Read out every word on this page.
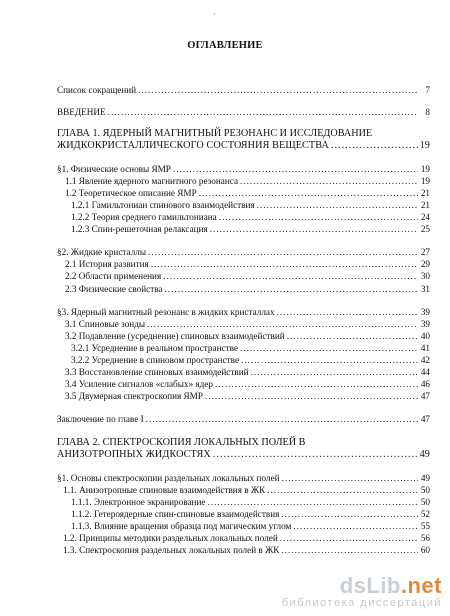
'
ОГЛАВЛЕНИЕ
Список сокращений .....	7
ВВЕДЕНИЕ .....	8
ГЛАВА 1. ЯДЕРНЫЙ МАГНИТНЫЙ РЕЗОНАНС И ИССЛЕДОВАНИЕ
ЖИДКОКРИСТАЛЛИЧЕСКОГО СОСТОЯНИЯ ВЕЩЕСТВА .....	19
§1. Физические основы ЯМР .....	19
1.1 Явление ядерного магнитного резонанса .....	19
1.2 Теоретическое описание ЯМР .....	21
1.2.1 Гамильтониан спинового взаимодействия .....	21
1.2.2 Теория среднего гамильтониана .....	24
1.2.3 Спин-решеточная релаксация .....	25
§2. Жидкие кристаллы .....	27
2.1 История развития .....	29
2.2 Области применения .....	30
2.3 Физические свойства .....	31
§3. Ядерный магнитный резонанс в жидких кристаллах .....	39
3.1 Спиновые зонды .....	39
3.2 Подавление (усреднение) спиновых взаимодействий .....	40
3.2.1 Усреднение в реальном пространстве .....	41
3.2.2 Усреднение в спиновом пространстве .....	42
3.3 Восстановление спиновых взаимодействий .....	44
3.4 Усиление сигналов «слабых» ядер .....	46
3.5 Двумерная спектроскопия ЯМР .....	47
Заключение по главе I .....	47
ГЛАВА 2. СПЕКТРОСКОПИЯ ЛОКАЛЬНЫХ ПОЛЕЙ В
АНИЗОТРОПНЫХ ЖИДКОСТЯХ .....	49
§1. Основы спектроскопии раздельных локальных полей .....	49
1.1. Анизотропные спиновые взаимодействия в ЖК .....	50
1.1.1. Электронное экранирование .....	50
1.1.2. Гетероядерные спин-спиновые взаимодействия .....	52
1.1.3. Влияние вращения образца под магическим углом .....	55
1.2. Принципы методики раздельных локальных полей .....	56
1.3. Спектроскопия раздельных локальных полей в ЖК .....	60
dsLib.net
библиотека диссертаций
